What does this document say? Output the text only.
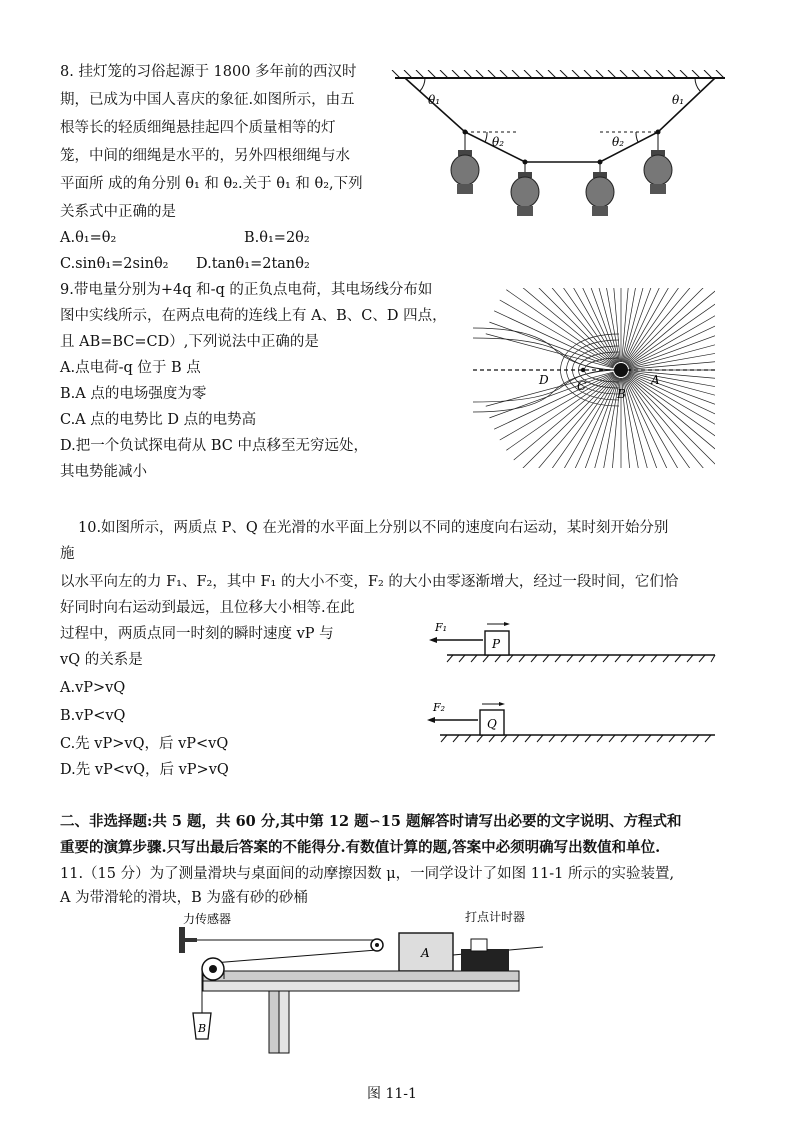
8. 挂灯笼的习俗起源于 1800 多年前的西汉时
期，已成为中国人喜庆的象征.如图所示，由五
根等长的轻质细绳悬挂起四个质量相等的灯
笼，中间的细绳是水平的，另外四根细绳与水
平面所 成的角分别 θ₁ 和 θ₂.关于 θ₁ 和 θ₂,下列
关系式中正确的是
A.θ₁=θ₂	B.θ₁=2θ₂
C.sinθ₁=2sinθ₂ D.tanθ₁=2tanθ₂
θ₁	θ₁
θ₂	θ₂
9.带电量分别为+4q 和-q 的正负点电荷，其电场线分布如
图中实线所示，在两点电荷的连线上有 A、B、C、D 四点，
且 AB=BC=CD）,下列说法中正确的是
A.点电荷-q 位于 B 点
B.A 点的电场强度为零
C.A 点的电势比 D 点的电势高
D.把一个负试探电荷从 BC 中点移至无穷远处，
其电势能减小
D C
B
A
10.如图所示，两质点 P、Q 在光滑的水平面上分别以不同的速度向右运动，某时刻开始分别
施
以水平向左的力 F₁、F₂，其中 F₁ 的大小不变，F₂ 的大小由零逐渐增大，经过一段时间，它们恰
好同时向右运动到最远，且位移大小相等.在此
过程中，两质点同一时刻的瞬时速度 vP 与
vQ 的关系是
A.vP>vQ
B.vP<vQ
C.先 vP>vQ，后 vP<vQ
D.先 vP<vQ，后 vP>vQ
P
F₁
Q
F₂
二、非选择题:共 5 题，共 60 分,其中第 12 题∽15 题解答时请写出必要的文字说明、方程式和
重要的演算步骤.只写出最后答案的不能得分.有数值计算的题,答案中必须明确写出数值和单位.
11.（15 分）为了测量滑块与桌面间的动摩擦因数 μ，一同学设计了如图 11-1 所示的实验装置,
A 为带滑轮的滑块，B 为盛有砂的砂桶
力传感器
A
打点计时器
B
图 11-1
